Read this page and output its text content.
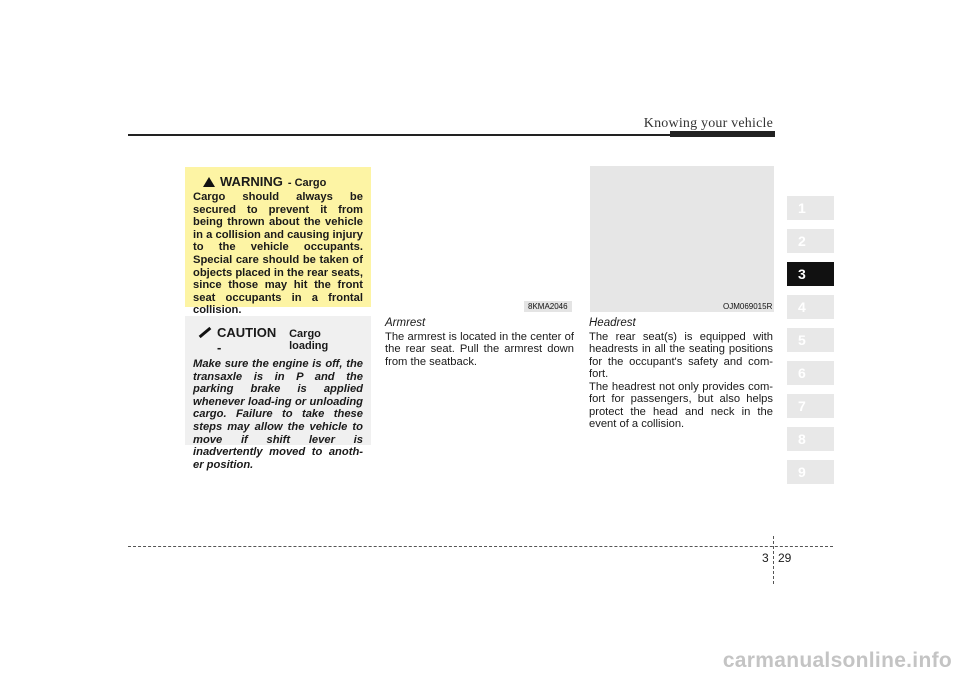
Knowing your vehicle
WARNING - Cargo
Cargo should always be secured to prevent it from being thrown about the vehicle in a collision and causing injury to the vehicle occupants. Special care should be taken of objects placed in the rear seats, since those may hit the front seat occupants in a frontal collision.
CAUTION -
Cargo loading
Make sure the engine is off, the transaxle is in P and the parking brake is applied whenever load-ing or unloading cargo. Failure to take these steps may allow the vehicle to move if shift lever is inadvertently moved to anoth-er position.
8KMA2046	OJM069015R
Armrest
The armrest is located in the center of the rear seat. Pull the armrest down from the seatback.
Headrest
The rear seat(s) is equipped with headrests in all the seating positions for the occupant's safety and com-fort.
The headrest not only provides com-fort for passengers, but also helps protect the head and neck in the event of a collision.
1
2
3
4
5
6
7
8
9
3 29
carmanualsonline.info
